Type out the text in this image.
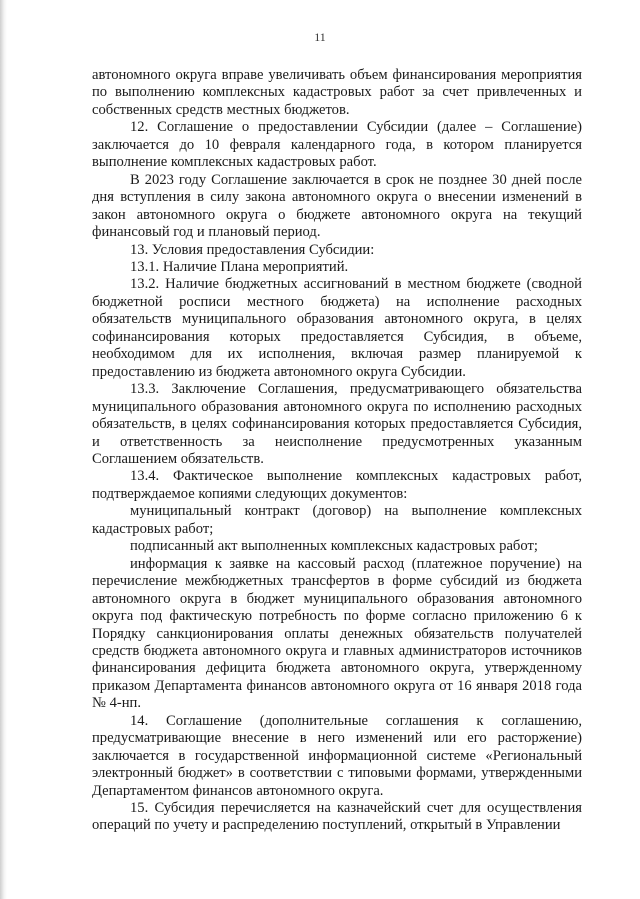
11

автономного округа вправе увеличивать объем финансирования мероприятия по выполнению комплексных кадастровых работ за счет привлеченных и собственных средств местных бюджетов.

12. Соглашение о предоставлении Субсидии (далее – Соглашение) заключается до 10 февраля календарного года, в котором планируется выполнение комплексных кадастровых работ.

В 2023 году Соглашение заключается в срок не позднее 30 дней после дня вступления в силу закона автономного округа о внесении изменений в закон автономного округа о бюджете автономного округа на текущий финансовый год и плановый период.

13. Условия предоставления Субсидии:

13.1. Наличие Плана мероприятий.

13.2. Наличие бюджетных ассигнований в местном бюджете (сводной бюджетной росписи местного бюджета) на исполнение расходных обязательств муниципального образования автономного округа, в целях софинансирования которых предоставляется Субсидия, в объеме, необходимом для их исполнения, включая размер планируемой к предоставлению из бюджета автономного округа Субсидии.

13.3. Заключение Соглашения, предусматривающего обязательства муниципального образования автономного округа по исполнению расходных обязательств, в целях софинансирования которых предоставляется Субсидия, и ответственность за неисполнение предусмотренных указанным Соглашением обязательств.

13.4. Фактическое выполнение комплексных кадастровых работ, подтверждаемое копиями следующих документов:

муниципальный контракт (договор) на выполнение комплексных кадастровых работ;

подписанный акт выполненных комплексных кадастровых работ;

информация к заявке на кассовый расход (платежное поручение) на перечисление межбюджетных трансфертов в форме субсидий из бюджета автономного округа в бюджет муниципального образования автономного округа под фактическую потребность по форме согласно приложению 6 к Порядку санкционирования оплаты денежных обязательств получателей средств бюджета автономного округа и главных администраторов источников финансирования дефицита бюджета автономного округа, утвержденному приказом Департамента финансов автономного округа от 16 января 2018 года № 4-нп.

14. Соглашение (дополнительные соглашения к соглашению, предусматривающие внесение в него изменений или его расторжение) заключается в государственной информационной системе «Региональный электронный бюджет» в соответствии с типовыми формами, утвержденными Департаментом финансов автономного округа.

15. Субсидия перечисляется на казначейский счет для осуществления операций по учету и распределению поступлений, открытый в Управлении
